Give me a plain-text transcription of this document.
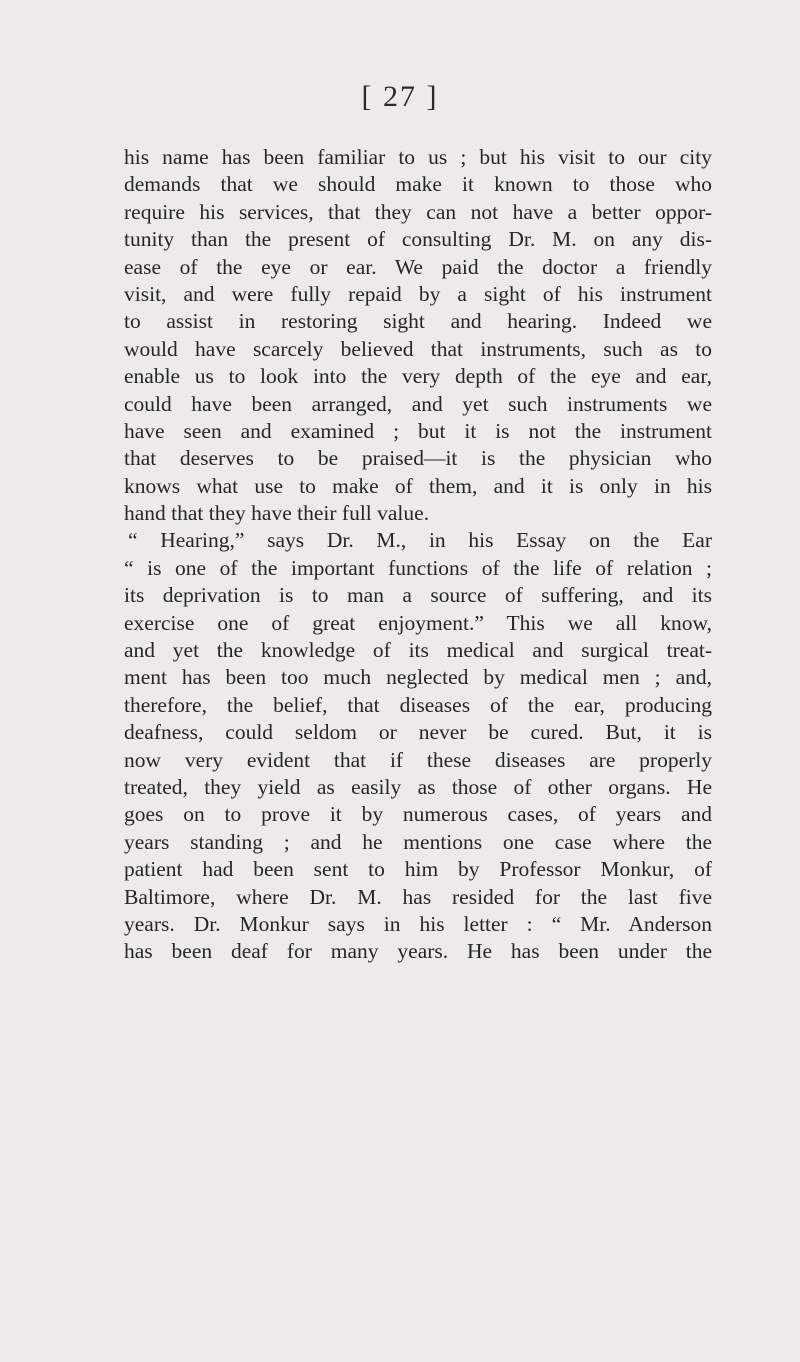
[ 27 ]
his name has been familiar to us ; but his visit to our city
demands that we should make it known to those who
require his services, that they can not have a better oppor-
tunity than the present of consulting Dr. M. on any dis-
ease of the eye or ear. We paid the doctor a friendly
visit, and were fully repaid by a sight of his instrument
to assist in restoring sight and hearing. Indeed we
would have scarcely believed that instruments, such as to
enable us to look into the very depth of the eye and ear,
could have been arranged, and yet such instruments we
have seen and examined ; but it is not the instrument
that deserves to be praised—it is the physician who
knows what use to make of them, and it is only in his
hand that they have their full value.
“ Hearing,” says Dr. M., in his Essay on the Ear
“ is one of the important functions of the life of relation ;
its deprivation is to man a source of suffering, and its
exercise one of great enjoyment.” This we all know,
and yet the knowledge of its medical and surgical treat-
ment has been too much neglected by medical men ; and,
therefore, the belief, that diseases of the ear, producing
deafness, could seldom or never be cured. But, it is
now very evident that if these diseases are properly
treated, they yield as easily as those of other organs. He
goes on to prove it by numerous cases, of years and
years standing ; and he mentions one case where the
patient had been sent to him by Professor Monkur, of
Baltimore, where Dr. M. has resided for the last five
years. Dr. Monkur says in his letter : “ Mr. Anderson
has been deaf for many years. He has been under the
